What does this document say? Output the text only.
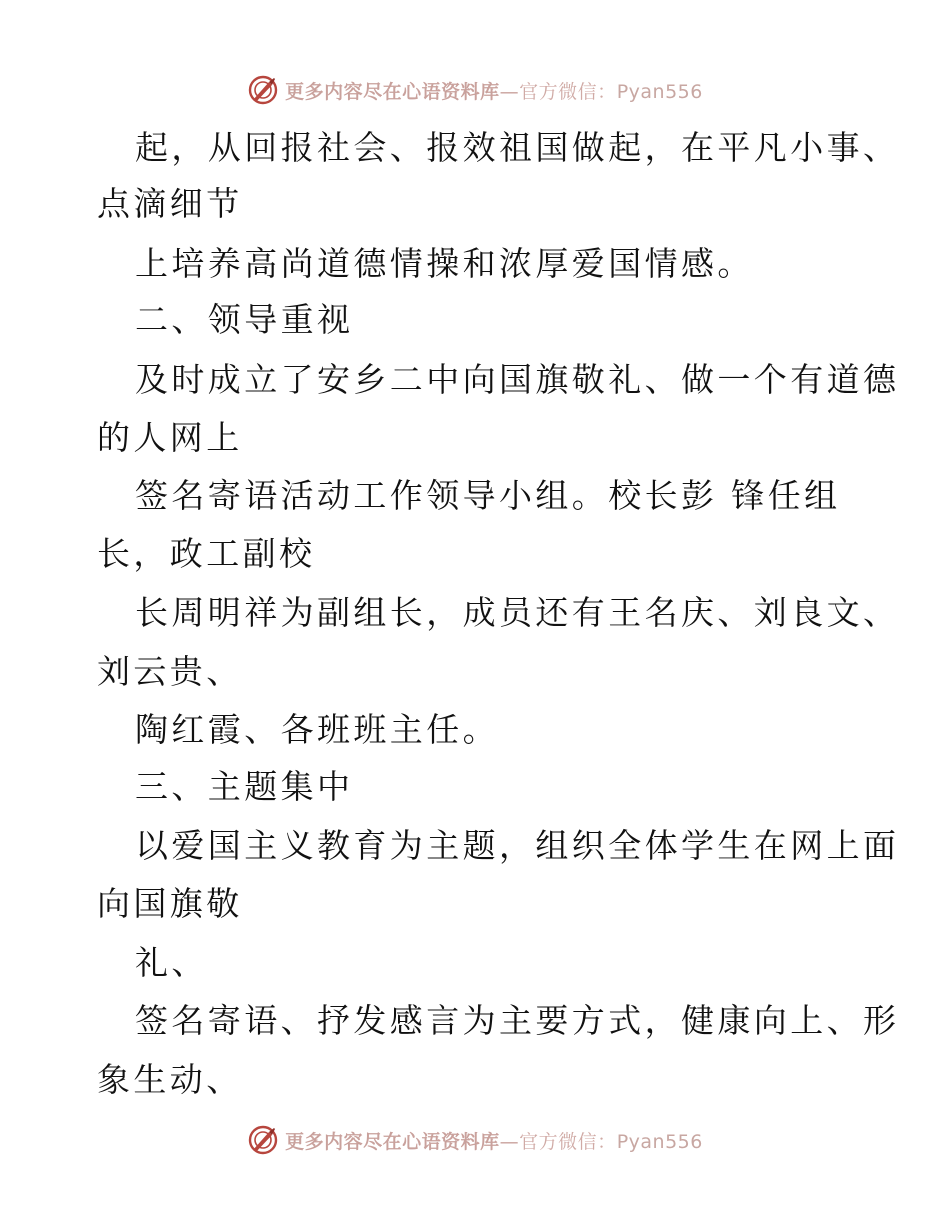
更多内容尽在心语资料库—官方微信：Pyan556
起，从回报社会、报效祖国做起，在平凡小事、
点滴细节
上培养高尚道德情操和浓厚爱国情感。
二、领导重视
及时成立了安乡二中向国旗敬礼、做一个有道德
的人网上
签名寄语活动工作领导小组。校长彭 锋任组
长，政工副校
长周明祥为副组长，成员还有王名庆、刘良文、
刘云贵、
陶红霞、各班班主任。
三、主题集中
以爱国主义教育为主题，组织全体学生在网上面
向国旗敬
礼、
签名寄语、抒发感言为主要方式，健康向上、形
象生动、
更多内容尽在心语资料库—官方微信：Pyan556
